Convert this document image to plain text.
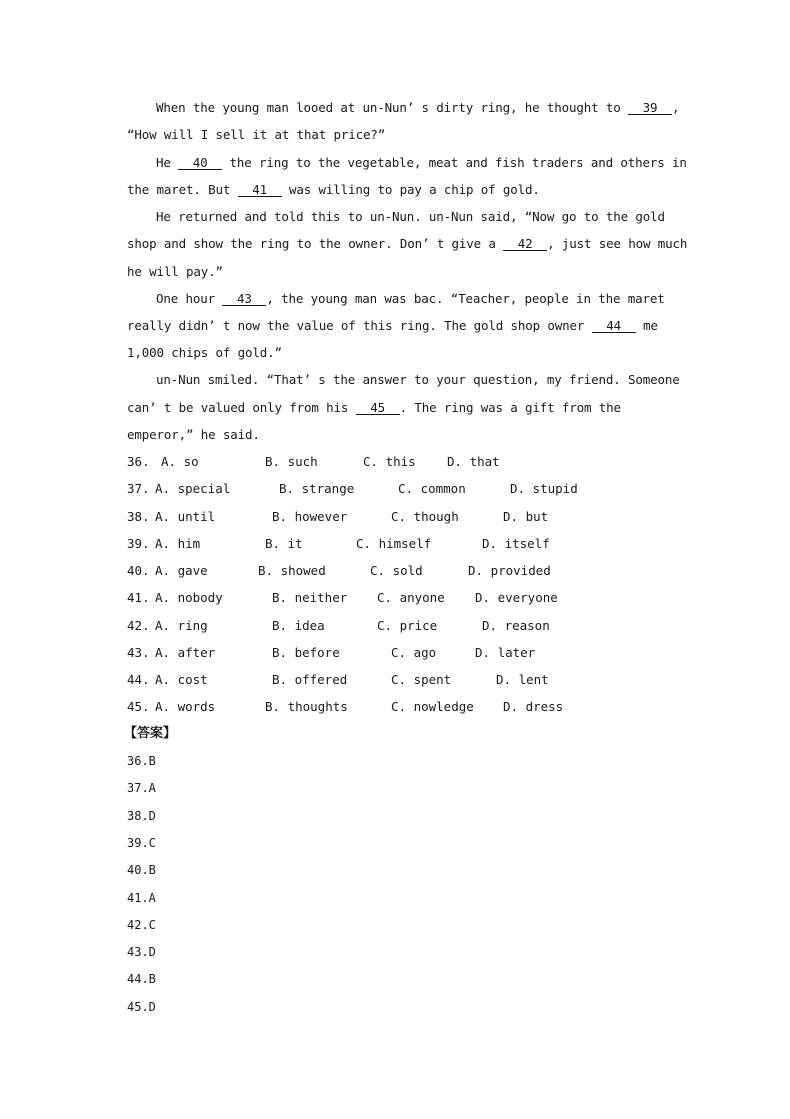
When the young man looed at un-Nun’ s dirty ring, he thought to 39 ,
“How will I sell it at that price?”
He 40 the ring to the vegetable, meat and fish traders and others in
the maret. But 41 was willing to pay a chip of gold.
He returned and told this to un-Nun. un-Nun said, “Now go to the gold
shop and show the ring to the owner. Don’ t give a 42 , just see how much
he will pay.”
One hour 43 , the young man was bac. “Teacher, people in the maret
really didn’ t now the value of this ring. The gold shop owner 44 me
1,000 chips of gold.”
un-Nun smiled. “That’ s the answer to your question, my friend. Someone
can’ t be valued only from his 45 . The ring was a gift from the
emperor,” he said.
36. A. so	B. such	C. this	D. that
37. A. special	B. strange	C. common	D. stupid
38. A. until	B. however	C. though	D. but
39. A. him	B. it	C. himself	D. itself
40. A. gave	B. showed	C. sold	D. provided
41. A. nobody	B. neither C. anyone D. everyone
42. A. ring	B. idea	C. price	D. reason
43. A. after	B. before	C. ago	D. later
44. A. cost	B. offered	C. spent	D. lent
45. A. words	B. thoughts	C. nowledge D. dress
【答案】
36.B
37.A
38.D
39.C
40.B
41.A
42.C
43.D
44.B
45.D
